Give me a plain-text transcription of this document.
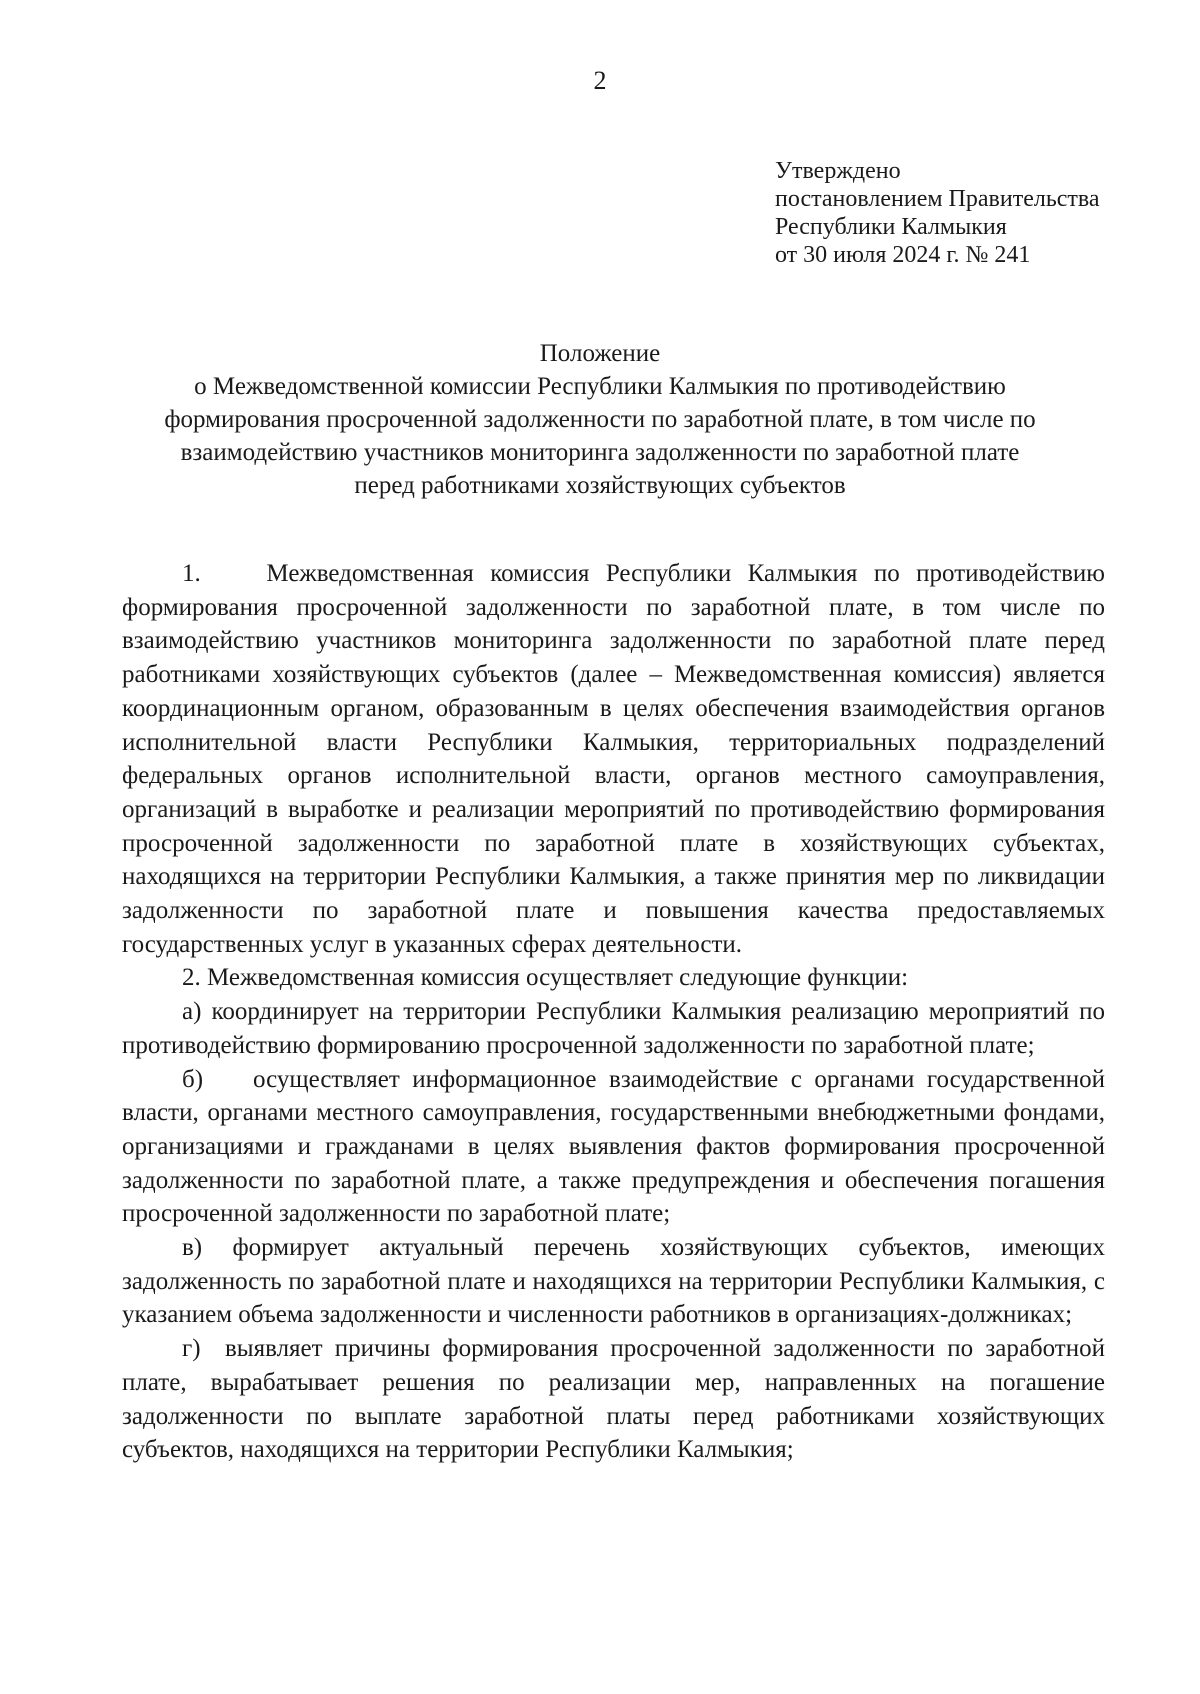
2
Утверждено
постановлением Правительства
Республики Калмыкия
от 30 июля 2024 г. № 241
Положение
о Межведомственной комиссии Республики Калмыкия по противодействию
формирования просроченной задолженности по заработной плате, в том числе по
взаимодействию участников мониторинга задолженности по заработной плате
перед работниками хозяйствующих субъектов

1.    Межведомственная комиссия Республики Калмыкия по противодействию формирования просроченной задолженности по заработной плате, в том числе по взаимодействию участников мониторинга задолженности по заработной плате перед работниками хозяйствующих субъектов (далее – Межведомственная комиссия) является координационным органом, образованным в целях обеспечения взаимодействия органов исполнительной власти Республики Калмыкия, территориальных подразделений федеральных органов исполнительной власти, органов местного самоуправления, организаций в выработке и реализации мероприятий по противодействию формирования просроченной задолженности по заработной плате в хозяйствующих субъектах, находящихся на территории Республики Калмыкия, а также принятия мер по ликвидации задолженности по заработной плате и повышения качества предоставляемых государственных услуг в указанных сферах деятельности.

2. Межведомственная комиссия осуществляет следующие функции:

а) координирует на территории Республики Калмыкия реализацию мероприятий по противодействию формированию просроченной задолженности по заработной плате;

б)    осуществляет информационное взаимодействие с органами государственной власти, органами местного самоуправления, государственными внебюджетными фондами, организациями и гражданами в целях выявления фактов формирования просроченной задолженности по заработной плате, а также предупреждения и обеспечения погашения просроченной задолженности по заработной плате;

в) формирует актуальный перечень хозяйствующих субъектов, имеющих задолженность по заработной плате и находящихся на территории Республики Калмыкия, с указанием объема задолженности и численности работников в организациях-должниках;

г)  выявляет причины формирования просроченной задолженности по заработной плате, вырабатывает решения по реализации мер, направленных на погашение задолженности по выплате заработной платы перед работниками хозяйствующих субъектов, находящихся на территории Республики Калмыкия;
